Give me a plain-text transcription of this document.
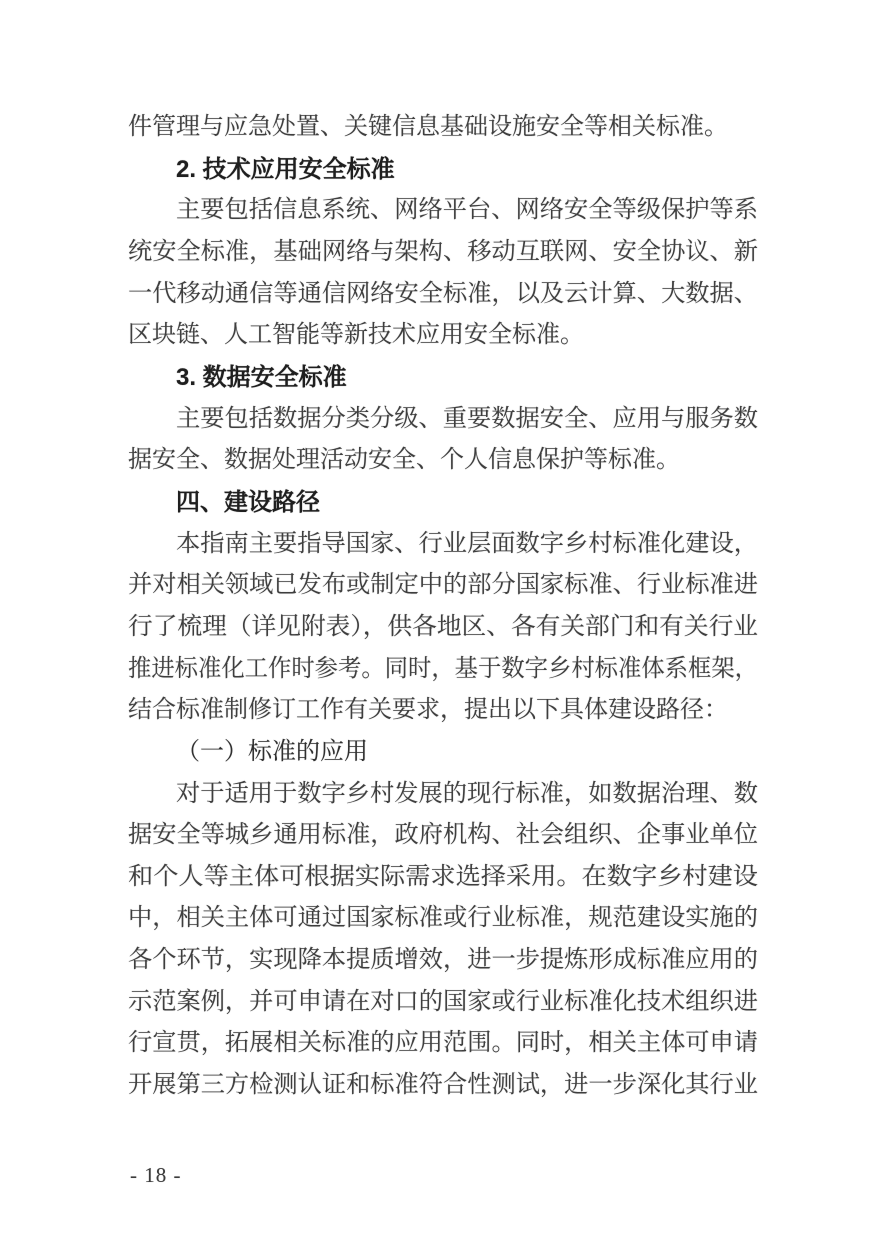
件管理与应急处置、关键信息基础设施安全等相关标准。
2. 技术应用安全标准
主要包括信息系统、网络平台、网络安全等级保护等系
统安全标准，基础网络与架构、移动互联网、安全协议、新
一代移动通信等通信网络安全标准，以及云计算、大数据、
区块链、人工智能等新技术应用安全标准。
3. 数据安全标准
主要包括数据分类分级、重要数据安全、应用与服务数
据安全、数据处理活动安全、个人信息保护等标准。
四、建设路径
本指南主要指导国家、行业层面数字乡村标准化建设，
并对相关领域已发布或制定中的部分国家标准、行业标准进
行了梳理（详见附表），供各地区、各有关部门和有关行业
推进标准化工作时参考。同时，基于数字乡村标准体系框架，
结合标准制修订工作有关要求，提出以下具体建设路径：
（一）标准的应用
对于适用于数字乡村发展的现行标准，如数据治理、数
据安全等城乡通用标准，政府机构、社会组织、企事业单位
和个人等主体可根据实际需求选择采用。在数字乡村建设
中，相关主体可通过国家标准或行业标准，规范建设实施的
各个环节，实现降本提质增效，进一步提炼形成标准应用的
示范案例，并可申请在对口的国家或行业标准化技术组织进
行宣贯，拓展相关标准的应用范围。同时，相关主体可申请
开展第三方检测认证和标准符合性测试，进一步深化其行业
- 18 -
